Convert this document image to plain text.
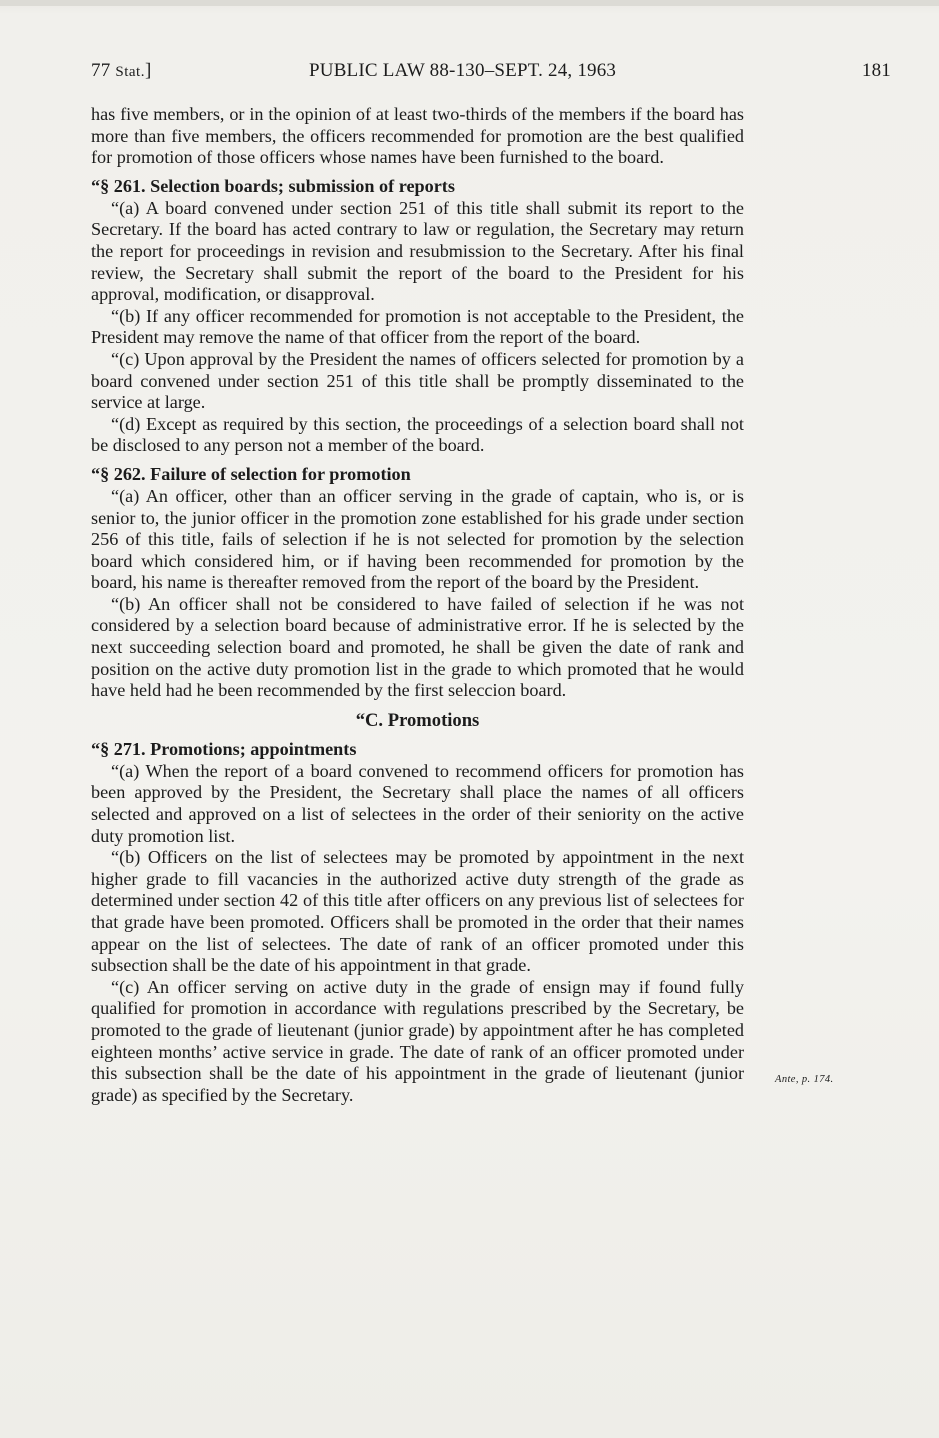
77 Stat.]	PUBLIC LAW 88-130–SEPT. 24, 1963	181

has five members, or in the opinion of at least two-thirds of the members if the board has more than five members, the officers recommended for promotion are the best qualified for promotion of those officers whose names have been furnished to the board.

“§ 261. Selection boards; submission of reports

“(a) A board convened under section 251 of this title shall submit its report to the Secretary. If the board has acted contrary to law or regulation, the Secretary may return the report for proceedings in revision and resubmission to the Secretary. After his final review, the Secretary shall submit the report of the board to the President for his approval, modification, or disapproval.

“(b) If any officer recommended for promotion is not acceptable to the President, the President may remove the name of that officer from the report of the board.

“(c) Upon approval by the President the names of officers selected for promotion by a board convened under section 251 of this title shall be promptly disseminated to the service at large.

“(d) Except as required by this section, the proceedings of a selection board shall not be disclosed to any person not a member of the board.

“§ 262. Failure of selection for promotion

“(a) An officer, other than an officer serving in the grade of captain, who is, or is senior to, the junior officer in the promotion zone established for his grade under section 256 of this title, fails of selection if he is not selected for promotion by the selection board which considered him, or if having been recommended for promotion by the board, his name is thereafter removed from the report of the board by the President.

“(b) An officer shall not be considered to have failed of selection if he was not considered by a selection board because of administrative error. If he is selected by the next succeeding selection board and promoted, he shall be given the date of rank and position on the active duty promotion list in the grade to which promoted that he would have held had he been recommended by the first seleccion board.

“C. Promotions
“§ 271. Promotions; appointments

“(a) When the report of a board convened to recommend officers for promotion has been approved by the President, the Secretary shall place the names of all officers selected and approved on a list of selectees in the order of their seniority on the active duty promotion list.

“(b) Officers on the list of selectees may be promoted by appointment in the next higher grade to fill vacancies in the authorized active duty strength of the grade as determined under section 42 of this title after officers on any previous list of selectees for that grade have been promoted. Officers shall be promoted in the order that their names appear on the list of selectees. The date of rank of an officer promoted under this subsection shall be the date of his appointment in that grade.

“(c) An officer serving on active duty in the grade of ensign may if found fully qualified for promotion in accordance with regulations prescribed by the Secretary, be promoted to the grade of lieutenant (junior grade) by appointment after he has completed eighteen months’ active service in grade. The date of rank of an officer promoted under this subsection shall be the date of his appointment in the grade of lieutenant (junior grade) as specified by the Secretary.

Ante, p. 174.
